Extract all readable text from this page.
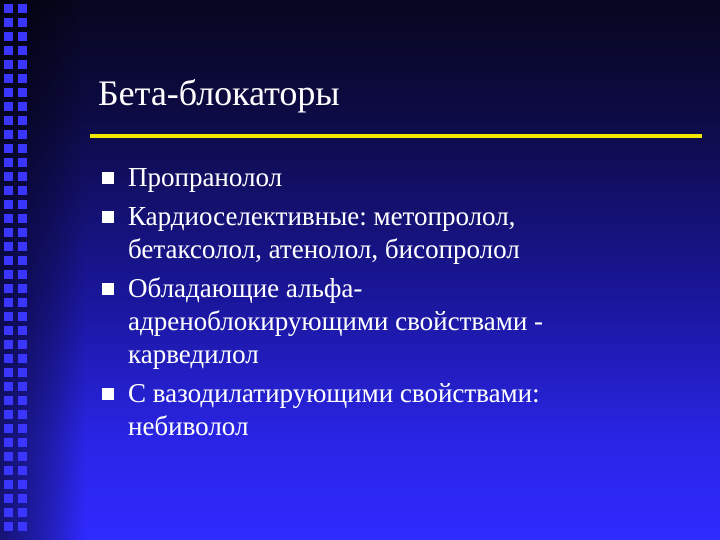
Бета-блокаторы
Пропранолол
Кардиоселективные: метопролол,
бетаксолол, атенолол, бисопролол
Обладающие альфа-
адреноблокирующими свойствами -
карведилол
С вазодилатирующими свойствами:
небиволол
